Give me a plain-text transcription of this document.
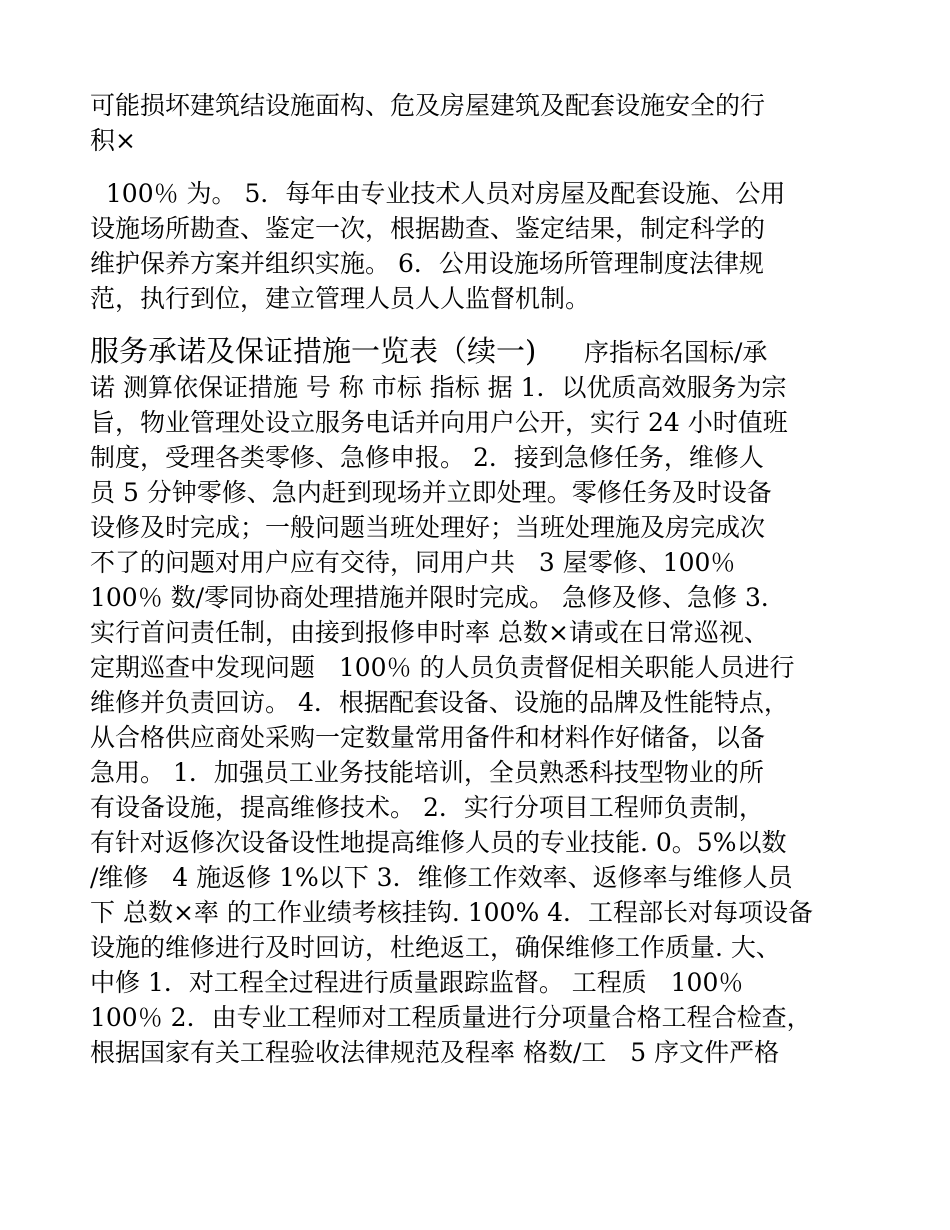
可能损坏建筑结设施面构、危及房屋建筑及配套设施安全的行
积×
100％ 为。 5．每年由专业技术人员对房屋及配套设施、公用
设施场所勘查、鉴定一次，根据勘查、鉴定结果，制定科学的
维护保养方案并组织实施。 6．公用设施场所管理制度法律规
范，执行到位，建立管理人员人人监督机制。
服务承诺及保证措施一览表（续一)      序指标名国标/承
诺 测算依保证措施 号 称 市标 指标 据 1．以优质高效服务为宗
旨，物业管理处设立服务电话并向用户公开，实行 24 小时值班
制度，受理各类零修、急修申报。 2．接到急修任务，维修人
员 5 分钟零修、急内赶到现场并立即处理。零修任务及时设备
设修及时完成；一般问题当班处理好；当班处理施及房完成次
不了的问题对用户应有交待，同用户共   3 屋零修、100％
100％ 数/零同协商处理措施并限时完成。 急修及修、急修 3．
实行首问责任制，由接到报修申时率 总数×请或在日常巡视、
定期巡查中发现问题   100％ 的人员负责督促相关职能人员进行
维修并负责回访。 4．根据配套设备、设施的品牌及性能特点，
从合格供应商处采购一定数量常用备件和材料作好储备，以备
急用。 1．加强员工业务技能培训，全员熟悉科技型物业的所
有设备设施，提高维修技术。 2．实行分项目工程师负责制，
有针对返修次设备设性地提高维修人员的专业技能. 0。5%以数
/维修   4 施返修 1%以下 3．维修工作效率、返修率与维修人员
下 总数×率 的工作业绩考核挂钩. 100% 4．工程部长对每项设备
设施的维修进行及时回访，杜绝返工，确保维修工作质量. 大、
中修 1．对工程全过程进行质量跟踪监督。 工程质   100％
100％ 2．由专业工程师对工程质量进行分项量合格工程合检查，
根据国家有关工程验收法律规范及程率 格数/工   5 序文件严格
